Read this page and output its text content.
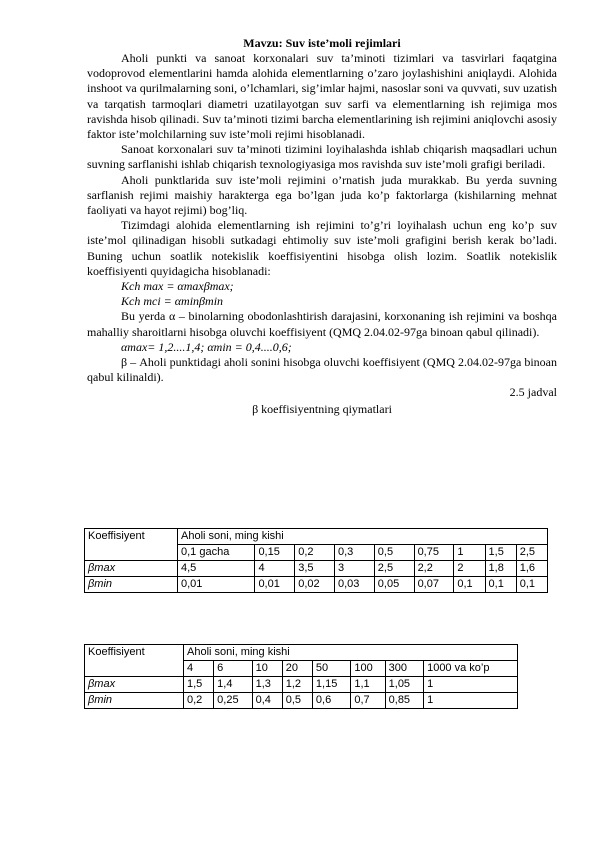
Mavzu: Suv iste’moli rejimlari

Aholi punkti va sanoat korxonalari suv ta’minoti tizimlari va tasvirlari faqatgina vodoprovod elementlarini hamda alohida elementlarning o’zaro joylashishini aniqlaydi. Alohida inshoot va qurilmalarning soni, o’lchamlari, sig’imlar hajmi, nasoslar soni va quvvati, suv uzatish va tarqatish tarmoqlari diametri uzatilayotgan suv sarfi va elementlarning ish rejimiga mos ravishda hisob qilinadi. Suv ta’minoti tizimi barcha elementlarining ish rejimini aniqlovchi asosiy faktor iste’molchilarning suv iste’moli rejimi hisoblanadi.

Sanoat korxonalari suv ta’minoti tizimini loyihalashda ishlab chiqarish maqsadlari uchun suvning sarflanishi ishlab chiqarish texnologiyasiga mos ravishda suv iste’moli grafigi beriladi.

Aholi punktlarida suv iste’moli rejimini o’rnatish juda murakkab. Bu yerda suvning sarflanish rejimi maishiy harakterga ega bo’lgan juda ko’p faktorlarga (kishilarning mehnat faoliyati va hayot rejimi) bog’liq.

Tizimdagi alohida elementlarning ish rejimini to’g’ri loyihalash uchun eng ko’p suv iste’mol qilinadigan hisobli sutkadagi ehtimoliy suv iste’moli grafigini berish kerak bo’ladi. Buning uchun soatlik notekislik koeffisiyentini hisobga olish lozim. Soatlik notekislik koeffisiyenti quyidagicha hisoblanadi:

Kch max = αmaxβmax;

Kch mci = αminβmin

Bu yerda α – binolarning obodonlashtirish darajasini, korxonaning ish rejimini va boshqa mahalliy sharoitlarni hisobga oluvchi koeffisiyent (QMQ 2.04.02-97ga binoan qabul qilinadi).

αmax= 1,2....1,4; αmin = 0,4....0,6;

β – Aholi punktidagi aholi sonini hisobga oluvchi koeffisiyent (QMQ 2.04.02-97ga binoan qabul kilinaldi).

2.5 jadval
β koeffisiyentning qiymatlari
Koeffisiyent	Aholi soni, ming kishi								
	0,1 gacha	0,15	0,2	0,3	0,5	0,75	1	1,5	2,5
βmax	4,5	4	3,5	3	2,5	2,2	2	1,8	1,6
βmin	0,01	0,01	0,02	0,03	0,05	0,07	0,1	0,1	0,1
Koeffisiyent	Aholi soni, ming kishi							
	4	6	10	20	50	100	300	1000 va ko’p
βmax	1,5	1,4	1,3	1,2	1,15	1,1	1,05	1
βmin	0,2	0,25	0,4	0,5	0,6	0,7	0,85	1
